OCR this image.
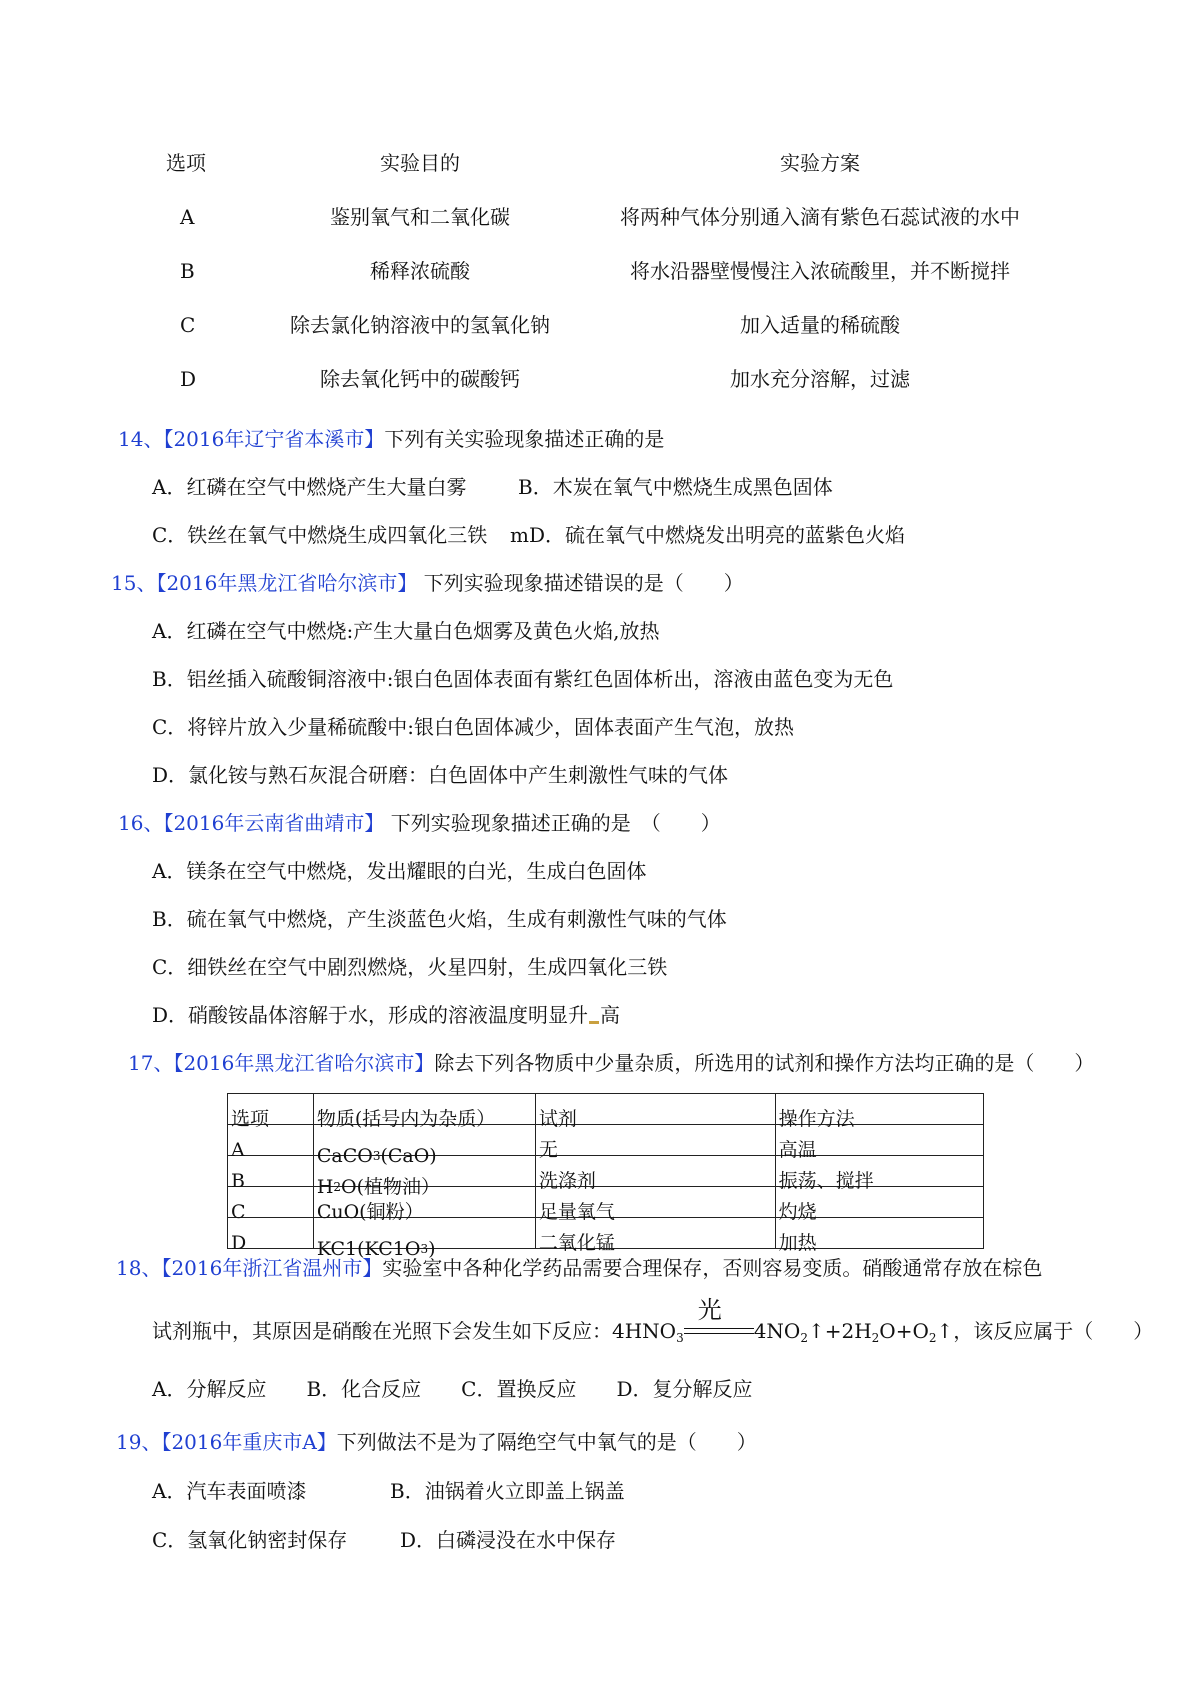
选项	实验目的	实验方案
A	鉴别氧气和二氧化碳	将两种气体分别通入滴有紫色石蕊试液的水中
B	稀释浓硫酸	将水沿器壁慢慢注入浓硫酸里，并不断搅拌
C	除去氯化钠溶液中的氢氧化钠	加入适量的稀硫酸
D	除去氧化钙中的碳酸钙	加水充分溶解，过滤
14、【2016年辽宁省本溪市】下列有关实验现象描述正确的是
A．红磷在空气中燃烧产生大量白雾	B．木炭在氧气中燃烧生成黑色固体
C．铁丝在氧气中燃烧生成四氧化三铁 mD．硫在氧气中燃烧发出明亮的蓝紫色火焰
15、【2016年黑龙江省哈尔滨市】 下列实验现象描述错误的是（　　）
A．红磷在空气中燃烧:产生大量白色烟雾及黄色火焰,放热
B．铝丝插入硫酸铜溶液中:银白色固体表面有紫红色固体析出，溶液由蓝色变为无色
C．将锌片放入少量稀硫酸中:银白色固体减少，固体表面产生气泡，放热
D．氯化铵与熟石灰混合研磨：白色固体中产生刺激性气味的气体
16、【2016年云南省曲靖市】 下列实验现象描述正确的是　（　　）
A．镁条在空气中燃烧，发出耀眼的白光，生成白色固体
B．硫在氧气中燃烧，产生淡蓝色火焰，生成有刺激性气味的气体
C．细铁丝在空气中剧烈燃烧，火星四射，生成四氧化三铁
D．硝酸铵晶体溶解于水，形成的溶液温度明显升 高
17、【2016年黑龙江省哈尔滨市】除去下列各物质中少量杂质，所选用的试剂和操作方法均正确的是（　　）
选项	物质(括号内为杂质）	试剂	操作方法
A	CaCO$_3$(CaO)	无	高温
B	$H_2O$(植物油）	洗涤剂	振荡、搅拌
C	CuO(铜粉）	足量氧气	灼烧
D	$KC1(KC1O_3)$	二氧化锰	加热
18、【2016年浙江省温州市】实验室中各种化学药品需要合理保存，否则容易变质。硝酸通常存放在棕色
试剂瓶中，其原因是硝酸在光照下会发生如下反应：$4HNO_3$
光
$4NO_2↑+2H_2O+O_2↑$，该反应属于（　　）
A．分解反应　　B．化合反应　　C．置换反应　　D．复分解反应
19、【2016年重庆市A】下列做法不是为了隔绝空气中氧气的是（　　）
A．汽车表面喷漆	B．油锅着火立即盖上锅盖
C．氢氧化钠密封保存	D．白磷浸没在水中保存
